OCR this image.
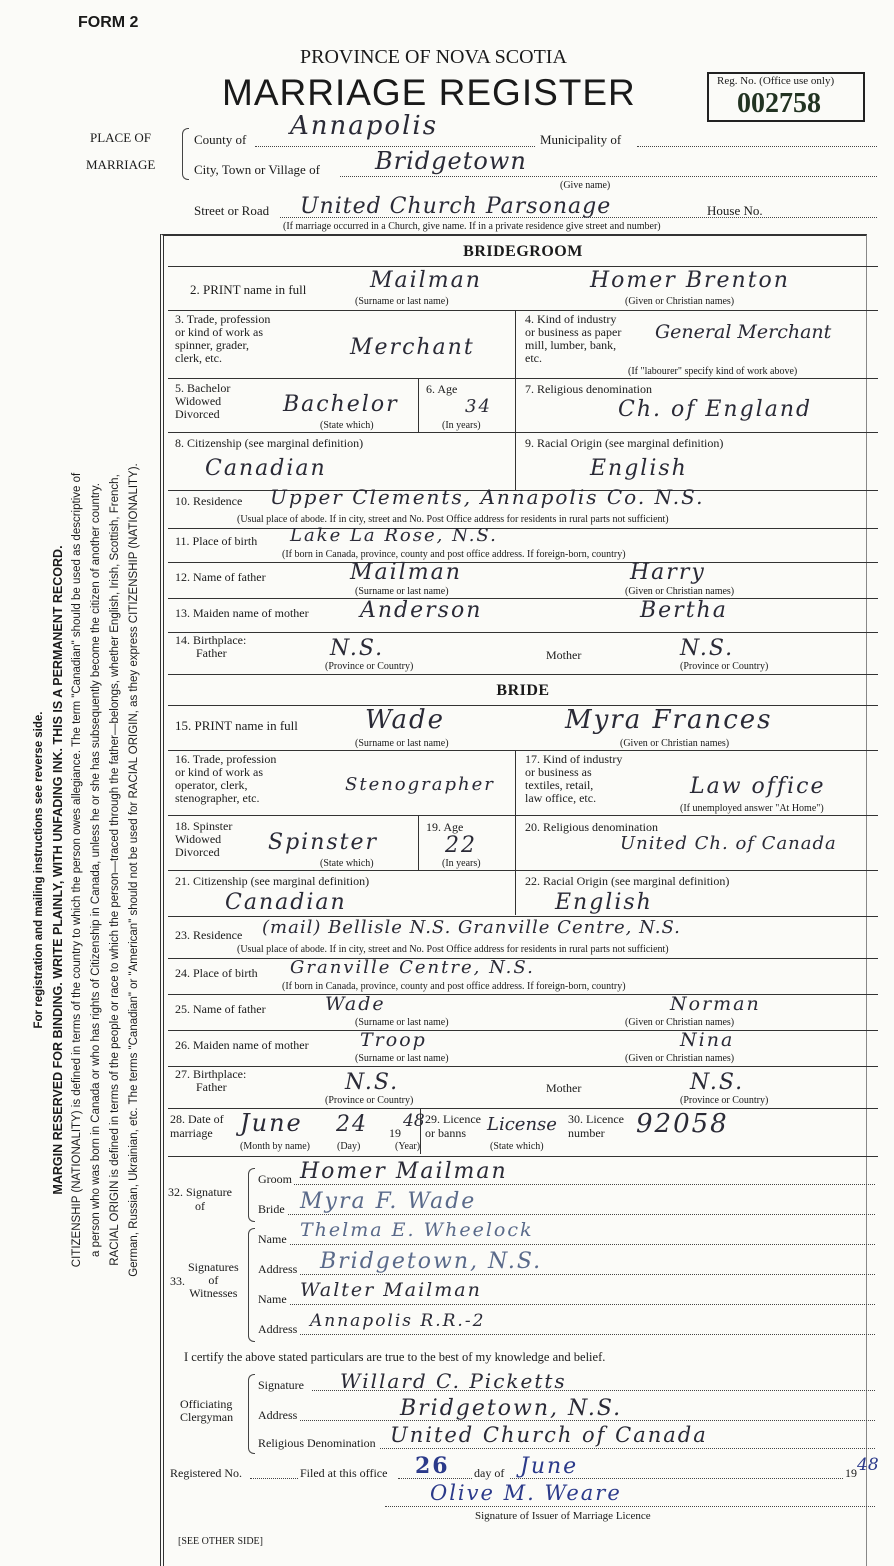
FORM 2
PROVINCE OF NOVA SCOTIA
MARRIAGE REGISTER	Reg. No. (Office use only)
002758
For registration and mailing instructions see reverse side. MARGIN RESERVED FOR BINDING. WRITE PLAINLY, WITH UNFADING INK. THIS IS A PERMANENT RECORD. CITIZENSHIP (NATIONALITY) is defined in terms of the country to which the person owes allegiance. The term "Canadian" should be used as descriptive of a person who was born in Canada or who has rights of Citizenship in Canada, unless he or she has subsequently become the citizen of another country. RACIAL ORIGIN is defined in terms of the people or race to which the person—traced through the father—belongs, whether English, Irish, Scottish, French, German, Russian, Ukrainian, etc. The terms "Canadian" or "American" should not be used for RACIAL ORIGIN, as they express CITIZENSHIP (NATIONALITY).
PLACE OF
MARRIAGE
County of Annapolis	Municipality of
City, Town or Village of Bridgetown
(Give name)
Street or Road United Church Parsonage	House No.
(If marriage occurred in a Church, give name. If in a private residence give street and number)
BRIDEGROOM
2. PRINT name in full	Mailman	Homer Brenton
(Surname or last name)	(Given or Christian names)
3. Trade, profession
or kind of work as
spinner, grader,
clerk, etc.	Merchant
4. Kind of industry
or business as paper
mill, lumber, bank,
etc.
General Merchant
(If "labourer" specify kind of work above)
5. Bachelor
Widowed
Divorced	Bachelor
(State which)
6. Age
34
(In years)
7. Religious denomination
Ch. of England
8. Citizenship (see marginal definition)
Canadian
9. Racial Origin (see marginal definition)
English
10. Residence Upper Clements, Annapolis Co. N.S.
(Usual place of abode. If in city, street and No. Post Office address for residents in rural parts not sufficient)
11. Place of birth Lake La Rose, N.S.
(If born in Canada, province, county and post office address. If foreign-born, country)
12. Name of father	Mailman	Harry
(Surname or last name)	(Given or Christian names)
13. Maiden name of mother Anderson	Bertha
14. Birthplace:
Father	N.S.	Mother	N.S.
(Province or Country)	(Province or Country)
BRIDE
15. PRINT name in full	Wade	Myra Frances
(Surname or last name)	(Given or Christian names)
16. Trade, profession
or kind of work as
operator, clerk,
stenographer, etc.
Stenographer
17. Kind of industry
or business as
textiles, retail,
law office, etc.	Law office
(If unemployed answer "At Home")
18. Spinster
Widowed
Divorced	Spinster
(State which)
19. Age
22
(In years)
20. Religious denomination
United Ch. of Canada
21. Citizenship (see marginal definition)
Canadian
22. Racial Origin (see marginal definition)
English
23. Residence (mail) Bellisle N.S. Granville Centre, N.S.
(Usual place of abode. If in city, street and No. Post Office address for residents in rural parts not sufficient)
24. Place of birth Granville Centre, N.S.
(If born in Canada, province, county and post office address. If foreign-born, country)
25. Name of father	Wade	Norman
(Surname or last name)	(Given or Christian names)
26. Maiden name of mother	Troop	Nina
(Surname or last name)	(Given or Christian names)
27. Birthplace:
Father	N.S.	Mother	N.S.
(Province or Country)	(Province or Country)
28. Date of
marriage	June 24 19
48
(Month by name)	(Day)	(Year)
29. Licence
or banns	License
(State which)
30. Licence
number	92058
32. Signature
of
Groom Homer Mailman
Bride Myra F. Wade
33.
Signatures
of
Witnesses
Name Thelma E. Wheelock
Address Bridgetown, N.S.
Name Walter Mailman
Address Annapolis R.R.-2
I certify the above stated particulars are true to the best of my knowledge and belief.
Officiating
Clergyman
Signature Willard C. Picketts
Address	Bridgetown, N.S.
Religious Denomination United Church of Canada
Registered No.	Filed at this office 26 day of June	19 48
Olive M. Weare
Signature of Issuer of Marriage Licence
[SEE OTHER SIDE]
